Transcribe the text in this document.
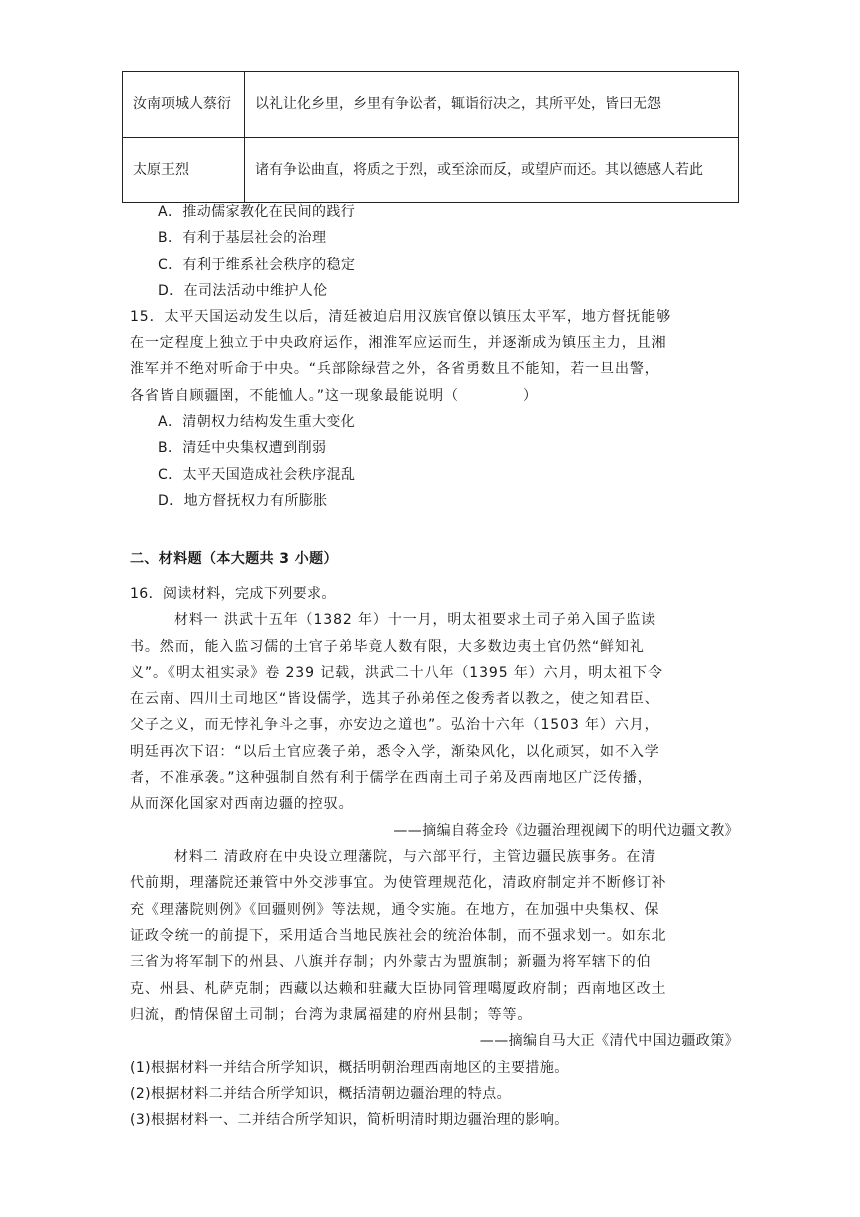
汝南项城人蔡衍	以礼让化乡里，乡里有争讼者，辄诣衍决之，其所平处，皆曰无怨
太原王烈	诸有争讼曲直，将质之于烈，或至涂而反，或望庐而还。其以德感人若此
A．推动儒家教化在民间的践行
B．有利于基层社会的治理
C．有利于维系社会秩序的稳定
D．在司法活动中维护人伦
15．太平天国运动发生以后，清廷被迫启用汉族官僚以镇压太平军，地方督抚能够
在一定程度上独立于中央政府运作，湘淮军应运而生，并逐渐成为镇压主力，且湘
淮军并不绝对听命于中央。“兵部除绿营之外，各省勇数且不能知，若一旦出警，
各省皆自顾疆圉，不能恤人。”这一现象最能说明（	）
A．清朝权力结构发生重大变化
B．清廷中央集权遭到削弱
C．太平天国造成社会秩序混乱
D．地方督抚权力有所膨胀
二、材料题（本大题共 3 小题）
16．阅读材料，完成下列要求。
材料一 洪武十五年（1382 年）十一月，明太祖要求土司子弟入国子监读
书。然而，能入监习儒的土官子弟毕竟人数有限，大多数边夷土官仍然“鲜知礼
义”。《明太祖实录》卷 239 记载，洪武二十八年（1395 年）六月，明太祖下令
在云南、四川土司地区“皆设儒学，选其子孙弟侄之俊秀者以教之，使之知君臣、
父子之义，而无悖礼争斗之事，亦安边之道也”。弘治十六年（1503 年）六月，
明廷再次下诏：“以后土官应袭子弟，悉令入学，渐染风化，以化顽冥，如不入学
者，不准承袭。”这种强制自然有利于儒学在西南土司子弟及西南地区广泛传播，
从而深化国家对西南边疆的控驭。
——摘编自蒋金玲《边疆治理视阈下的明代边疆文教》
材料二 清政府在中央设立理藩院，与六部平行，主管边疆民族事务。在清
代前期，理藩院还兼管中外交涉事宜。为使管理规范化，清政府制定并不断修订补
充《理藩院则例》《回疆则例》等法规，通令实施。在地方，在加强中央集权、保
证政令统一的前提下，采用适合当地民族社会的统治体制，而不强求划一。如东北
三省为将军制下的州县、八旗并存制；内外蒙古为盟旗制；新疆为将军辖下的伯
克、州县、札萨克制；西藏以达赖和驻藏大臣协同管理噶厦政府制；西南地区改土
归流，酌情保留土司制；台湾为隶属福建的府州县制；等等。
——摘编自马大正《清代中国边疆政策》
(1)根据材料一并结合所学知识，概括明朝治理西南地区的主要措施。
(2)根据材料二并结合所学知识，概括清朝边疆治理的特点。
(3)根据材料一、二并结合所学知识，简析明清时期边疆治理的影响。
